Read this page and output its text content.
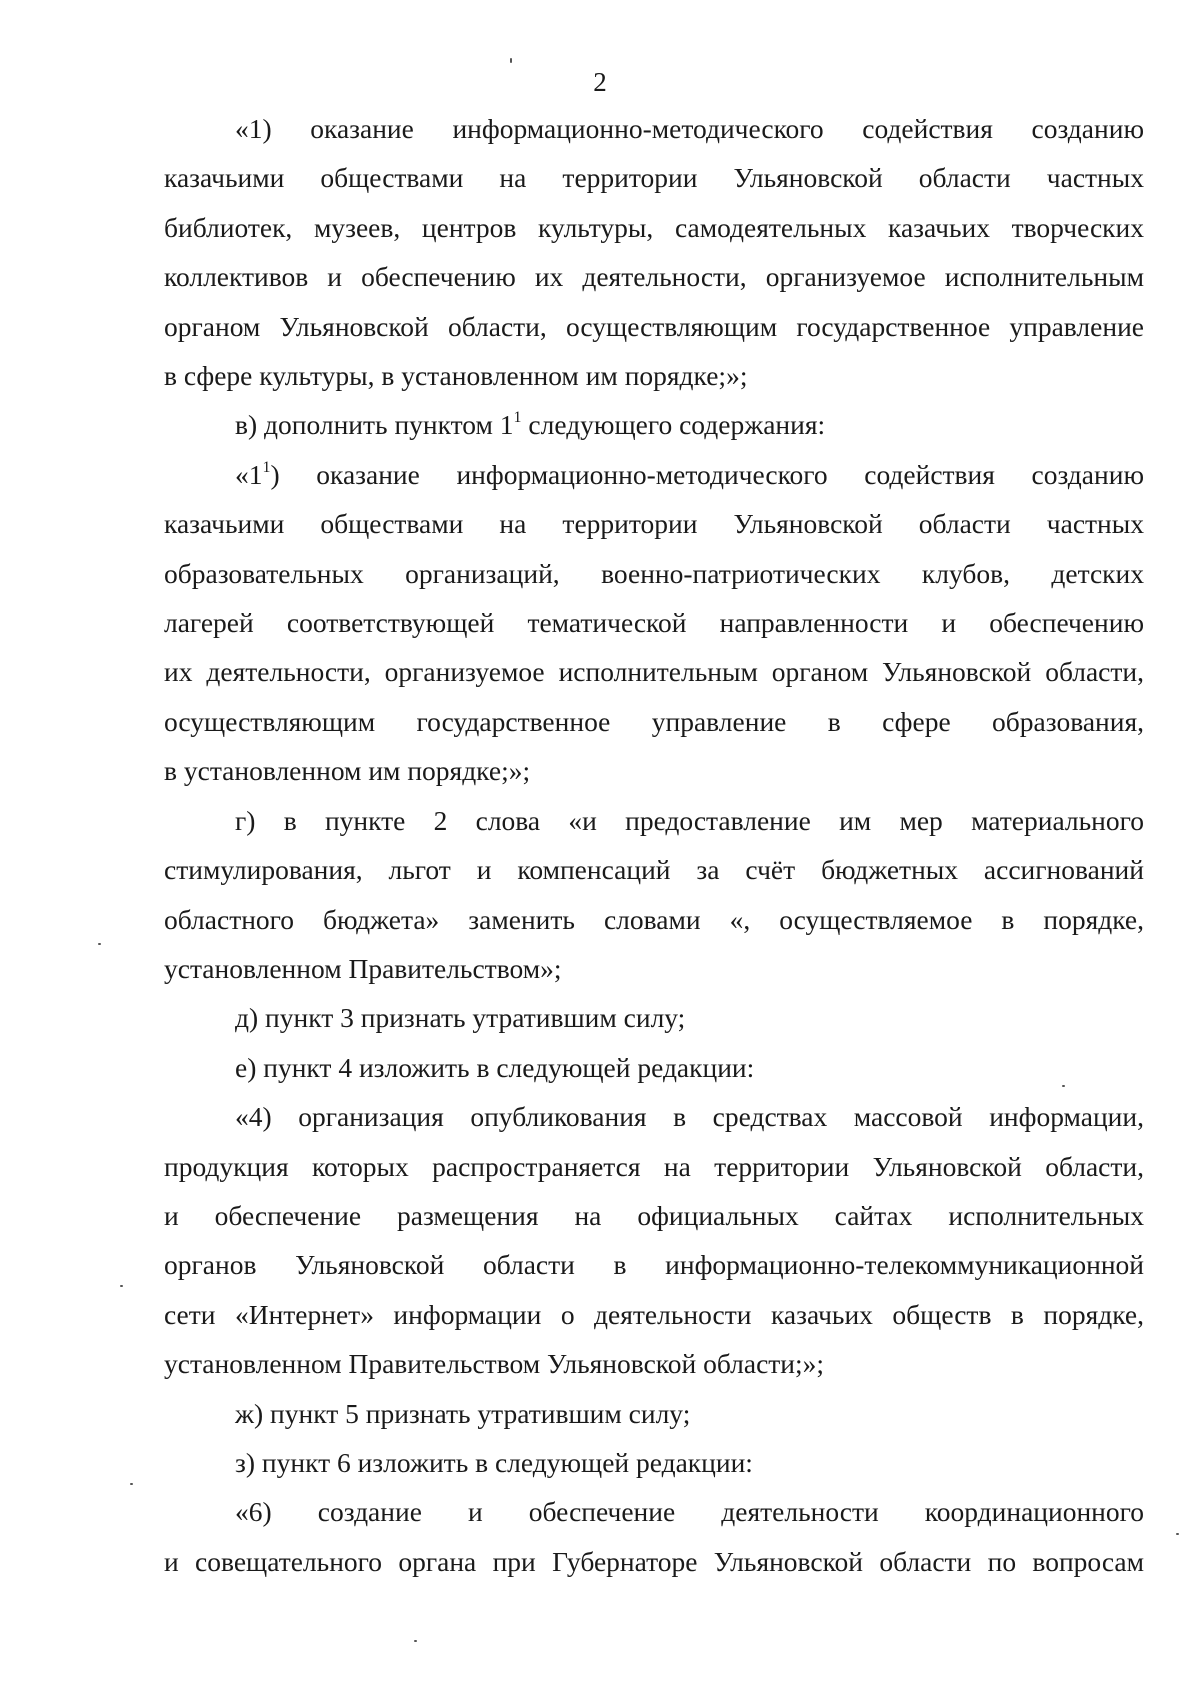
2
«1) оказание информационно-методического содействия созданию
казачьими обществами на территории Ульяновской области частных
библиотек, музеев, центров культуры, самодеятельных казачьих творческих
коллективов и обеспечению их деятельности, организуемое исполнительным
органом Ульяновской области, осуществляющим государственное управление
в сфере культуры, в установленном им порядке;»;
в) дополнить пунктом $1^1$ следующего содержания:
«$1^1$) оказание информационно-методического содействия созданию
казачьими обществами на территории Ульяновской области частных
образовательных организаций, военно-патриотических клубов, детских
лагерей соответствующей тематической направленности и обеспечению
их деятельности, организуемое исполнительным органом Ульяновской области,
осуществляющим государственное управление в сфере образования,
в установленном им порядке;»;
г) в пункте 2 слова «и предоставление им мер материального
стимулирования, льгот и компенсаций за счёт бюджетных ассигнований
областного бюджета» заменить словами «, осуществляемое в порядке,
установленном Правительством»;
д) пункт 3 признать утратившим силу;
е) пункт 4 изложить в следующей редакции:
«4) организация опубликования в средствах массовой информации,
продукция которых распространяется на территории Ульяновской области,
и обеспечение размещения на официальных сайтах исполнительных
органов Ульяновской области в информационно-телекоммуникационной
сети «Интернет» информации о деятельности казачьих обществ в порядке,
установленном Правительством Ульяновской области;»;
ж) пункт 5 признать утратившим силу;
з) пункт 6 изложить в следующей редакции:
«6) создание и обеспечение деятельности координационного
и совещательного органа при Губернаторе Ульяновской области по вопросам
